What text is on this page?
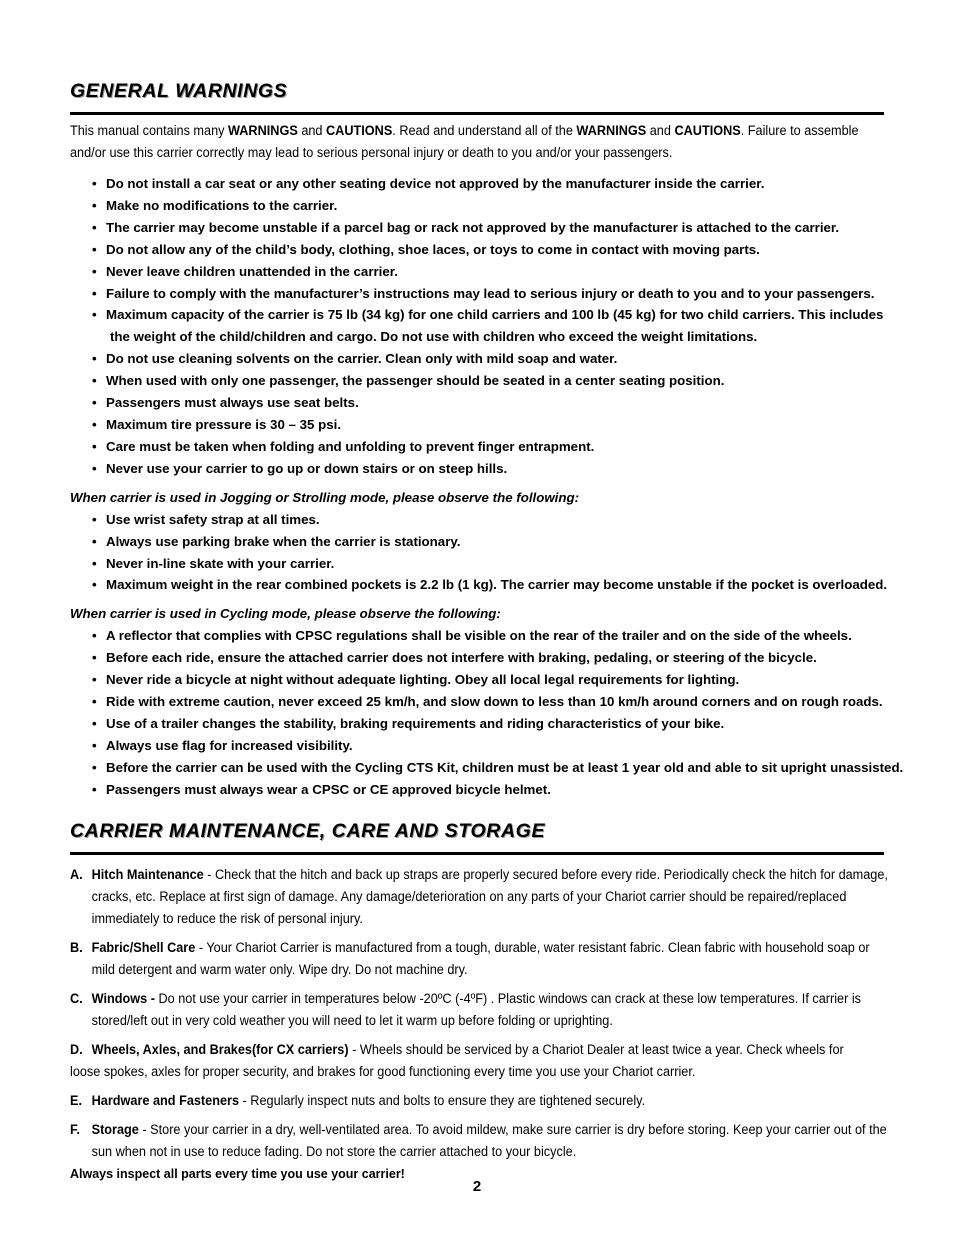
GENERAL WARNINGS
This manual contains many WARNINGS and CAUTIONS. Read and understand all of the WARNINGS and CAUTIONS. Failure to assemble and/or use this carrier correctly may lead to serious personal injury or death to you and/or your passengers.
• Do not install a car seat or any other seating device not approved by the manufacturer inside the carrier.
• Make no modifications to the carrier.
• The carrier may become unstable if a parcel bag or rack not approved by the manufacturer is attached to the carrier.
• Do not allow any of the child’s body, clothing, shoe laces, or toys to come in contact with moving parts.
• Never leave children unattended in the carrier.
• Failure to comply with the manufacturer’s instructions may lead to serious injury or death to you and to your passengers.
• Maximum capacity of the carrier is 75 lb (34 kg) for one child carriers and 100 lb (45 kg) for two child carriers. This includes
the weight of the child/children and cargo. Do not use with children who exceed the weight limitations.
• Do not use cleaning solvents on the carrier. Clean only with mild soap and water.
• When used with only one passenger, the passenger should be seated in a center seating position.
• Passengers must always use seat belts.
• Maximum tire pressure is 30 – 35 psi.
• Care must be taken when folding and unfolding to prevent finger entrapment.
• Never use your carrier to go up or down stairs or on steep hills.
When carrier is used in Jogging or Strolling mode, please observe the following:
• Use wrist safety strap at all times.
• Always use parking brake when the carrier is stationary.
• Never in-line skate with your carrier.
• Maximum weight in the rear combined pockets is 2.2 lb (1 kg). The carrier may become unstable if the pocket is overloaded.
When carrier is used in Cycling mode, please observe the following:
• A reflector that complies with CPSC regulations shall be visible on the rear of the trailer and on the side of the wheels.
• Before each ride, ensure the attached carrier does not interfere with braking, pedaling, or steering of the bicycle.
• Never ride a bicycle at night without adequate lighting. Obey all local legal requirements for lighting.
• Ride with extreme caution, never exceed 25 km/h, and slow down to less than 10 km/h around corners and on rough roads.
• Use of a trailer changes the stability, braking requirements and riding characteristics of your bike.
• Always use flag for increased visibility.
• Before the carrier can be used with the Cycling CTS Kit, children must be at least 1 year old and able to sit upright unassisted.
• Passengers must always wear a CPSC or CE approved bicycle helmet.
CARRIER MAINTENANCE, CARE AND STORAGE
A. Hitch Maintenance - Check that the hitch and back up straps are properly secured before every ride. Periodically check the hitch for damage, cracks, etc. Replace at first sign of damage. Any damage/deterioration on any parts of your Chariot carrier should be repaired/replaced immediately to reduce the risk of personal injury.
B. Fabric/Shell Care - Your Chariot Carrier is manufactured from a tough, durable, water resistant fabric. Clean fabric with household soap or mild detergent and warm water only. Wipe dry. Do not machine dry.
C. Windows - Do not use your carrier in temperatures below -20ºC (-4ºF) . Plastic windows can crack at these low temperatures. If carrier is stored/left out in very cold weather you will need to let it warm up before folding or uprighting.
D. Wheels, Axles, and Brakes(for CX carriers) - Wheels should be serviced by a Chariot Dealer at least twice a year. Check wheels for loose spokes, axles for proper security, and brakes for good functioning every time you use your Chariot carrier.
E. Hardware and Fasteners - Regularly inspect nuts and bolts to ensure they are tightened securely.
F. Storage - Store your carrier in a dry, well-ventilated area. To avoid mildew, make sure carrier is dry before storing. Keep your carrier out of the sun when not in use to reduce fading. Do not store the carrier attached to your bicycle.
Always inspect all parts every time you use your carrier!
2
